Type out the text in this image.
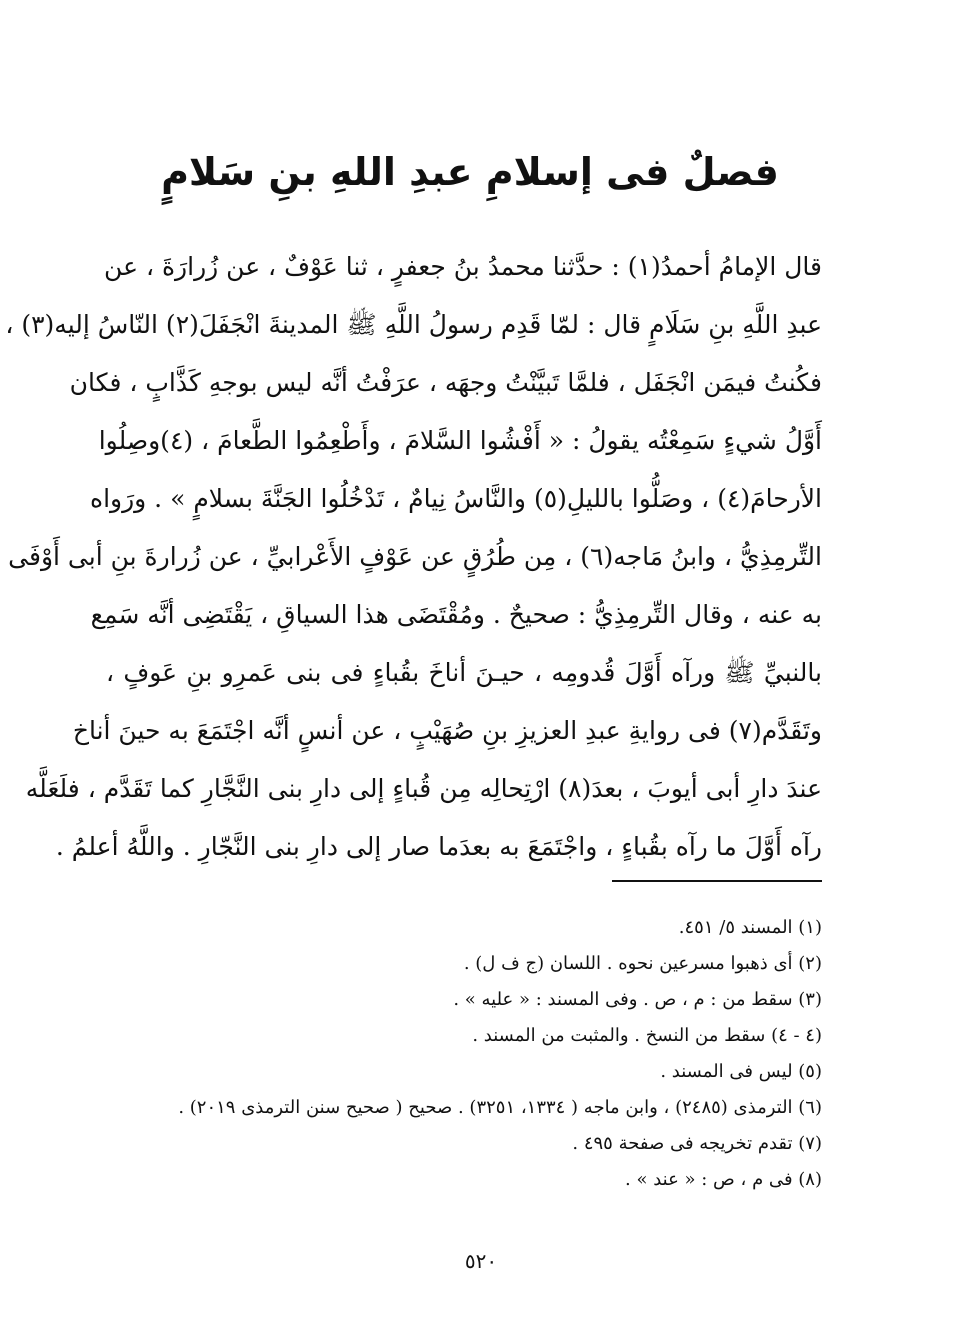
فصلٌ فى إسلامِ عبدِ اللهِ بنِ سَلامٍ
قال الإمامُ أحمدُ(١) : حدَّثنا محمدُ بنُ جعفرٍ ، ثنا عَوْفٌ ، عن زُرارَةَ ، عن
عبدِ اللَّهِ بنِ سَلَامٍ قال : لمّا قَدِم رسولُ اللَّهِ ﷺ المدينةَ انْجَفَلَ(٢) النّاسُ إليه(٣) ،
فكُنتُ فيمَن انْجَفَل ، فلمَّا تَبيَّنْتُ وجهَه ، عرَفْتُ أنَّه ليس بوجهِ كَذَّابٍ ، فكان
أَوَّلُ شيءٍ سَمِعْتُه يقولُ : « أَفْشُوا السَّلامَ ، وأَطْعِمُوا الطَّعامَ ، (٤)وصِلُوا
الأرحامَ(٤) ، وصَلُّوا بالليلِ(٥) والنَّاسُ نِيامٌ ، تَدْخُلُوا الجَنَّةَ بسلامٍ » . ورَواه
التِّرمِذِيُّ ، وابنُ مَاجه(٦) ، مِن طُرُقٍ عن عَوْفٍ الأَعْرابيِّ ، عن زُرارةَ بنِ أبى أَوْفَى
به عنه ، وقال التِّرمِذِيُّ : صحيحٌ . ومُقْتَضَى هذا السياقِ ، يَقْتَضِى أنَّه سَمِع
بالنبيِّ ﷺ ورآه أَوَّلَ قُدومِه ، حيـنَ أناخَ بقُباءٍ فى بنى عَمرِو بنِ عَوفٍ ،
وتَقَدَّم(٧) فى روايةِ عبدِ العزيزِ بنِ صُهَيْبٍ ، عن أنسٍ أنَّه اجْتَمَعَ به حينَ أناخ
عندَ دارِ أبى أيوبَ ، بعدَ(٨) ارْتِحالِه مِن قُباءٍ إلى دارِ بنى النَّجَّارِ كما تَقَدَّم ، فلَعَلَّه
رآه أَوَّلَ ما رآه بقُباءٍ ، واجْتَمَعَ به بعدَما صار إلى دارِ بنى النَّجّارِ . واللَّهُ أعلمُ .
(١) المسند ٥/ ٤٥١.
(٢) أى ذهبوا مسرعين نحوه . اللسان (ج ف ل) .
(٣) سقط من : م ، ص . وفى المسند : « عليه » .
(٤ - ٤) سقط من النسخ . والمثبت من المسند .
(٥) ليس فى المسند .
(٦) الترمذى (٢٤٨٥) ، وابن ماجه ( ١٣٣٤، ٣٢٥١) . صحيح ( صحيح سنن الترمذى ٢٠١٩) .
(٧) تقدم تخريجه فى صفحة ٤٩٥ .
(٨) فى م ، ص : « عند » .
٥٢٠
